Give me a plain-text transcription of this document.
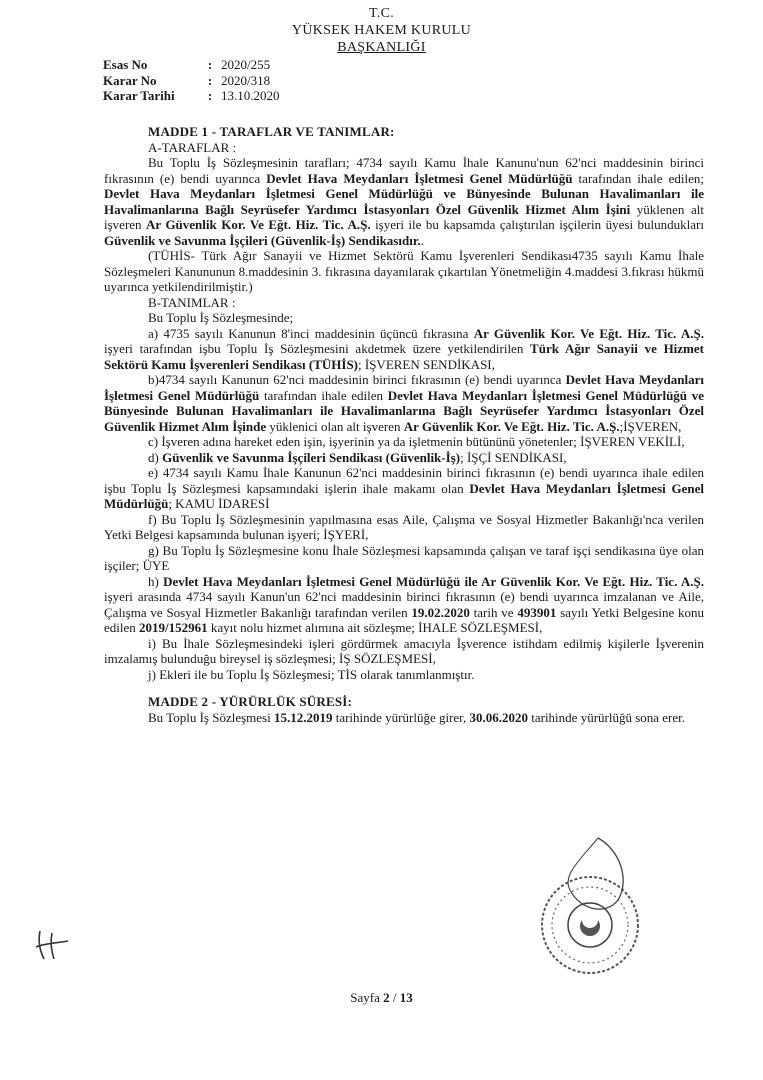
T.C.
YÜKSEK HAKEM KURULU
BAŞKANLIĞI
Esas No	: 2020/255
Karar No	: 2020/318
Karar Tarihi	: 13.10.2020

MADDE 1 - TARAFLAR VE TANIMLAR:

A-TARAFLAR :

Bu Toplu İş Sözleşmesinin tarafları; 4734 sayılı Kamu İhale Kanunu'nun 62'nci maddesinin birinci fıkrasının (e) bendi uyarınca Devlet Hava Meydanları İşletmesi Genel Müdürlüğü tarafından ihale edilen; Devlet Hava Meydanları İşletmesi Genel Müdürlüğü ve Bünyesinde Bulunan Havalimanları ile Havalimanlarına Bağlı Seyrüsefer Yardımcı İstasyonları Özel Güvenlik Hizmet Alım İşini yüklenen alt işveren Ar Güvenlik Kor. Ve Eğt. Hiz. Tic. A.Ş. işyeri ile bu kapsamda çalıştırılan işçilerin üyesi bulundukları Güvenlik ve Savunma İşçileri (Güvenlik-İş) Sendikasıdır..

(TÜHİS- Türk Ağır Sanayii ve Hizmet Sektörü Kamu İşverenleri Sendikası4735 sayılı Kamu İhale Sözleşmeleri Kanununun 8.maddesinin 3. fıkrasına dayanılarak çıkartılan Yönetmeliğin 4.maddesi 3.fıkrası hükmü uyarınca yetkilendirilmiştir.)

B-TANIMLAR :

Bu Toplu İş Sözleşmesinde;

a) 4735 sayılı Kanunun 8'inci maddesinin üçüncü fıkrasına Ar Güvenlik Kor. Ve Eğt. Hiz. Tic. A.Ş. işyeri tarafından işbu Toplu İş Sözleşmesini akdetmek üzere yetkilendirilen Türk Ağır Sanayii ve Hizmet Sektörü Kamu İşverenleri Sendikası (TÜHİS); İŞVEREN SENDİKASI,

b)4734 sayılı Kanunun 62'nci maddesinin birinci fıkrasının (e) bendi uyarınca Devlet Hava Meydanları İşletmesi Genel Müdürlüğü tarafından ihale edilen Devlet Hava Meydanları İşletmesi Genel Müdürlüğü ve Bünyesinde Bulunan Havalimanları ile Havalimanlarına Bağlı Seyrüsefer Yardımcı İstasyonları Özel Güvenlik Hizmet Alım İşinde yüklenici olan alt işveren Ar Güvenlik Kor. Ve Eğt. Hiz. Tic. A.Ş.;İŞVEREN,

c) İşveren adına hareket eden işin, işyerinin ya da işletmenin bütününü yönetenler; İŞVEREN VEKİLİ,

d) Güvenlik ve Savunma İşçileri Sendikası (Güvenlik-İş); İŞÇİ SENDİKASI,

e) 4734 sayılı Kamu İhale Kanunun 62'nci maddesinin birinci fıkrasının (e) bendi uyarınca ihale edilen işbu Toplu İş Sözleşmesi kapsamındaki işlerin ihale makamı olan Devlet Hava Meydanları İşletmesi Genel Müdürlüğü; KAMU İDARESİ

f) Bu Toplu İş Sözleşmesinin yapılmasına esas Aile, Çalışma ve Sosyal Hizmetler Bakanlığı'nca verilen Yetki Belgesi kapsamında bulunan işyeri; İŞYERİ,

g) Bu Toplu İş Sözleşmesine konu İhale Sözleşmesi kapsamında çalışan ve taraf işçi sendikasına üye olan işçiler; ÜYE

h) Devlet Hava Meydanları İşletmesi Genel Müdürlüğü ile Ar Güvenlik Kor. Ve Eğt. Hiz. Tic. A.Ş. işyeri arasında 4734 sayılı Kanun'un 62'nci maddesinin birinci fıkrasının (e) bendi uyarınca imzalanan ve Aile, Çalışma ve Sosyal Hizmetler Bakanlığı tarafından verilen 19.02.2020 tarih ve 493901 sayılı Yetki Belgesine konu edilen 2019/152961 kayıt nolu hizmet alımına ait sözleşme; İHALE SÖZLEŞMESİ,

i) Bu İhale Sözleşmesindeki işleri gördürmek amacıyla İşverence istihdam edilmiş kişilerle İşverenin imzalamış bulunduğu bireysel iş sözleşmesi; İŞ SÖZLEŞMESİ,

j) Ekleri ile bu Toplu İş Sözleşmesi; TİS olarak tanımlanmıştır.

MADDE 2 - YÜRÜRLÜK SÜRESİ:

Bu Toplu İş Sözleşmesi 15.12.2019 tarihinde yürürlüğe girer, 30.06.2020 tarihinde yürürlüğü sona erer.

Sayfa 2 / 13
